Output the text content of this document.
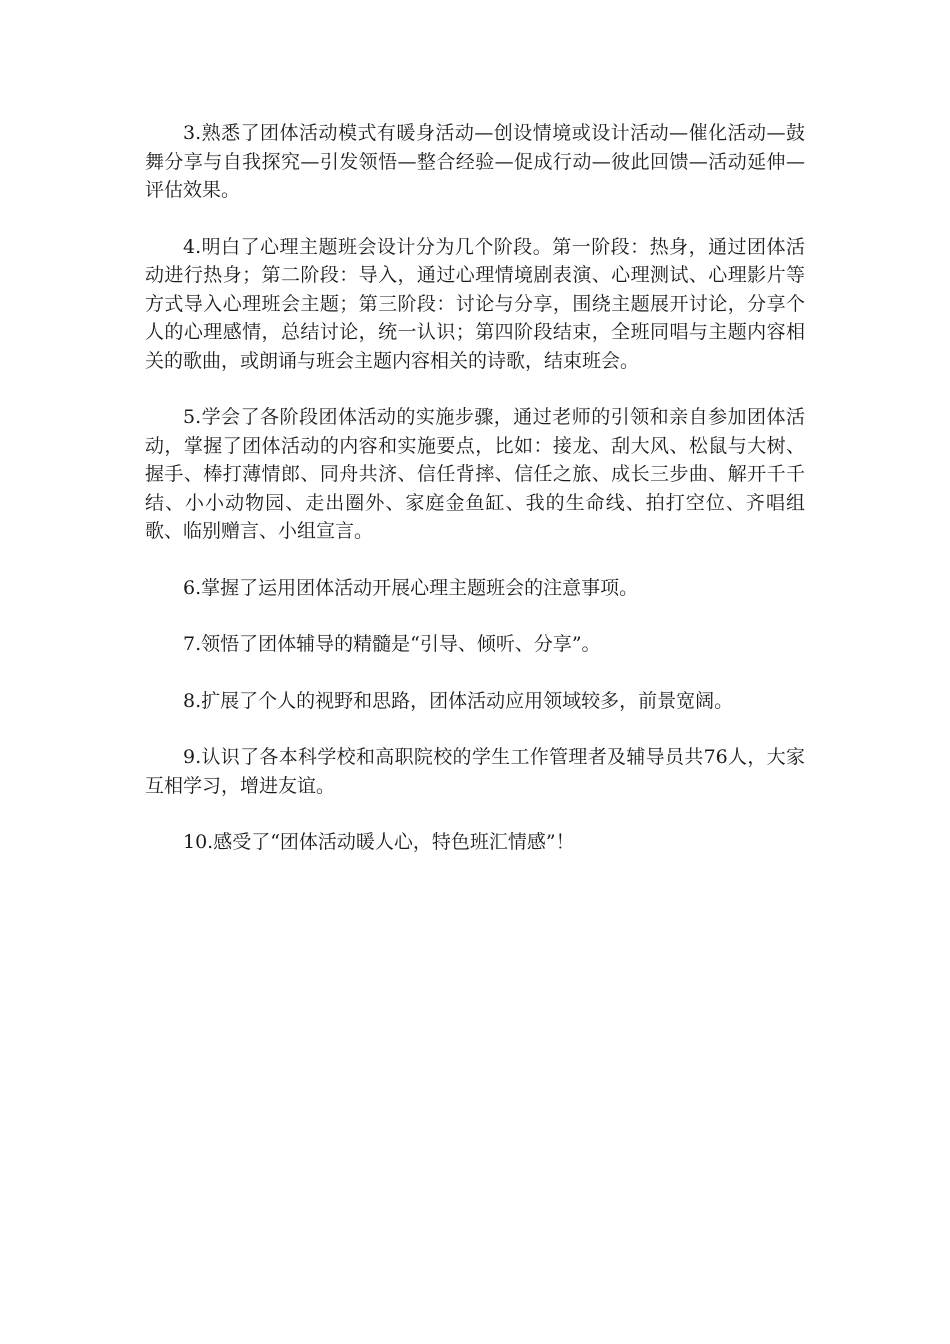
3.熟悉了团体活动模式有暖身活动—创设情境或设计活动—催化活动—鼓舞分享与自我探究—引发领悟—整合经验—促成行动—彼此回馈—活动延伸—评估效果。

4.明白了心理主题班会设计分为几个阶段。第一阶段：热身，通过团体活动进行热身；第二阶段：导入，通过心理情境剧表演、心理测试、心理影片等方式导入心理班会主题；第三阶段：讨论与分享，围绕主题展开讨论，分享个人的心理感情，总结讨论，统一认识；第四阶段结束，全班同唱与主题内容相关的歌曲，或朗诵与班会主题内容相关的诗歌，结束班会。

5.学会了各阶段团体活动的实施步骤，通过老师的引领和亲自参加团体活动，掌握了团体活动的内容和实施要点，比如：接龙、刮大风、松鼠与大树、握手、棒打薄情郎、同舟共济、信任背摔、信任之旅、成长三步曲、解开千千结、小小动物园、走出圈外、家庭金鱼缸、我的生命线、拍打空位、齐唱组歌、临别赠言、小组宣言。

6.掌握了运用团体活动开展心理主题班会的注意事项。

7.领悟了团体辅导的精髓是“引导、倾听、分享”。

8.扩展了个人的视野和思路，团体活动应用领域较多，前景宽阔。

9.认识了各本科学校和高职院校的学生工作管理者及辅导员共76人，大家互相学习，增进友谊。

10.感受了“团体活动暖人心，特色班汇情感”！
